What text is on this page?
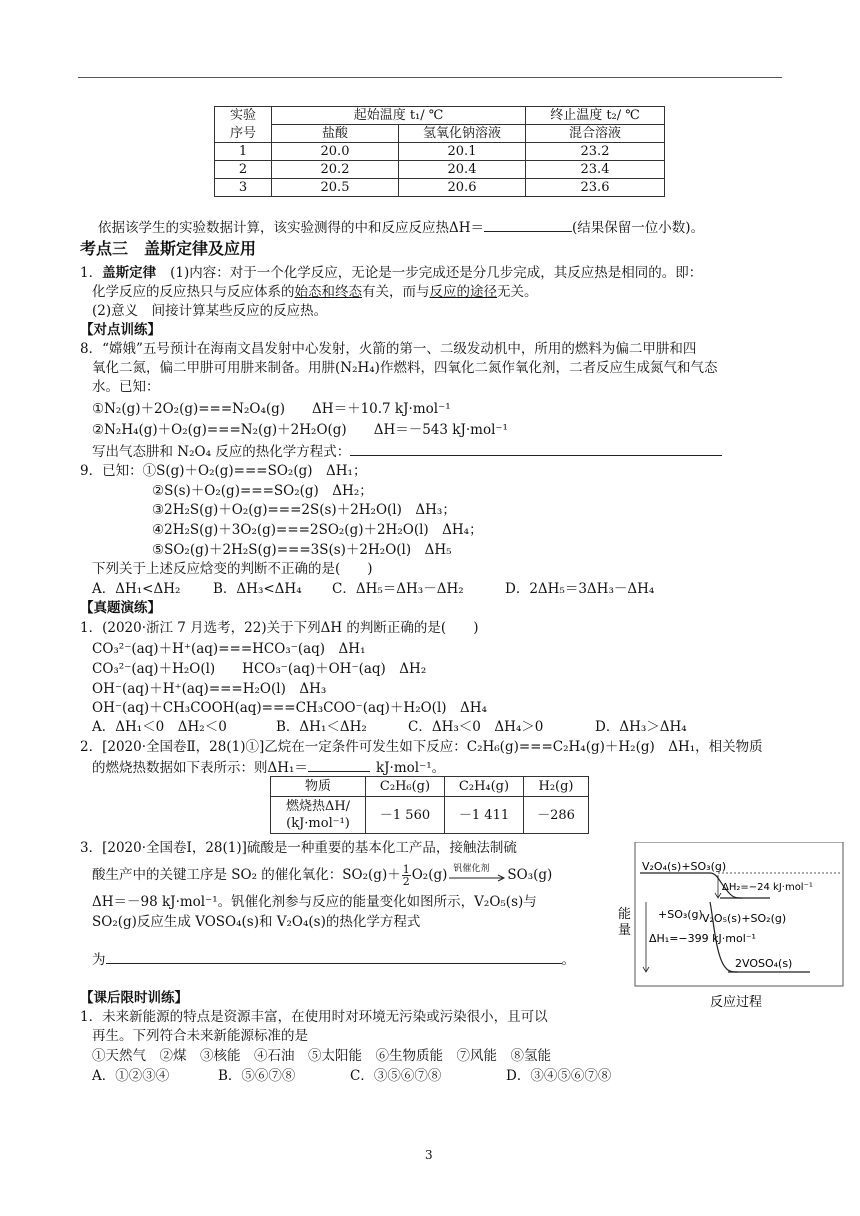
实验	起始温度 t₁/ ℃		终止温度 t₂/ ℃
序号	盐酸	氢氧化钠溶液	混合溶液
1	20.0	20.1	23.2
2	20.2	20.4	23.4
3	20.5	20.6	23.6
依据该学生的实验数据计算，该实验测得的中和反应反应热ΔH＝	(结果保留一位小数)。
考点三　盖斯定律及应用
1．盖斯定律 (1)内容：对于一个化学反应，无论是一步完成还是分几步完成，其反应热是相同的。即：
化学反应的反应热只与反应体系的始态和终态有关，而与反应的途径无关。
(2)意义　间接计算某些反应的反应热。
【对点训练】
8．“嫦娥”五号预计在海南文昌发射中心发射，火箭的第一、二级发动机中，所用的燃料为偏二甲肼和四
氧化二氮，偏二甲肼可用肼来制备。用肼(N₂H₄)作燃料，四氧化二氮作氧化剂，二者反应生成氮气和气态
水。已知：
①N₂(g)＋2O₂(g)===N₂O₄(g)　　ΔH＝＋10.7 kJ·mol⁻¹
②N₂H₄(g)＋O₂(g)===N₂(g)＋2H₂O(g)　　ΔH＝－543 kJ·mol⁻¹
写出气态肼和 N₂O₄ 反应的热化学方程式：
9．已知：①S(g)＋O₂(g)===SO₂(g)　ΔH₁；
②S(s)＋O₂(g)===SO₂(g)　ΔH₂；
③2H₂S(g)＋O₂(g)===2S(s)＋2H₂O(l)　ΔH₃；
④2H₂S(g)＋3O₂(g)===2SO₂(g)＋2H₂O(l)　ΔH₄；
⑤SO₂(g)＋2H₂S(g)===3S(s)＋2H₂O(l)　ΔH₅
下列关于上述反应焓变的判断不正确的是(　　)
A．ΔH₁<ΔH₂ B．ΔH₃<ΔH₄ C．ΔH₅＝ΔH₃－ΔH₂	D．2ΔH₅＝3ΔH₃－ΔH₄
【真题演练】
1．(2020·浙江 7 月选考，22)关于下列ΔH 的判断正确的是(　　)
CO₃²⁻(aq)＋H⁺(aq)===HCO₃⁻(aq)　ΔH₁
CO₃²⁻(aq)＋H₂O(l)　　HCO₃⁻(aq)＋OH⁻(aq)　ΔH₂
OH⁻(aq)＋H⁺(aq)===H₂O(l)　ΔH₃
OH⁻(aq)＋CH₃COOH(aq)===CH₃COO⁻(aq)＋H₂O(l)　ΔH₄
A．ΔH₁＜0　ΔH₂＜0	B．ΔH₁＜ΔH₂	C．ΔH₃＜0　ΔH₄＞0	D．ΔH₃＞ΔH₄
2．[2020·全国卷Ⅱ，28(1)①]乙烷在一定条件可发生如下反应：C₂H₆(g)===C₂H₄(g)＋H₂(g)　ΔH₁，相关物质
的燃烧热数据如下表所示：则ΔH₁＝	kJ·mol⁻¹。
物质	C₂H₆(g)	C₂H₄(g)	H₂(g)

燃烧热ΔH/
(kJ·mol⁻¹)	－1 560	－1 411	－286
3．[2020·全国卷Ⅰ，28(1)]硫酸是一种重要的基本化工产品，接触法制硫
酸生产中的关键工序是 SO₂ 的催化氧化：$SO_2(g)+ \frac{1}{2} O_2(g)$ 钒催化剂 SO₃(g)
ΔH＝－98 kJ·mol⁻¹。钒催化剂参与反应的能量变化如图所示，V₂O₅(s)与
SO₂(g)反应生成 VOSO₄(s)和 V₂O₄(s)的热化学方程式
为	。
V₂O₄(s)+SO₃(g)
ΔH₂=−24 kJ·mol⁻¹
+SO₃(g) V₂O₅(s)+SO₂(g)
ΔH₁=−399 kJ·mol⁻¹
2VOSO₄(s)
能
量
反应过程
【课后限时训练】
1．未来新能源的特点是资源丰富，在使用时对环境无污染或污染很小，且可以
再生。下列符合未来新能源标准的是
①天然气　②煤　③核能　④石油　⑤太阳能　⑥生物质能　⑦风能　⑧氢能
A．①②③④	B．⑤⑥⑦⑧	C．③⑤⑥⑦⑧	D．③④⑤⑥⑦⑧
3
